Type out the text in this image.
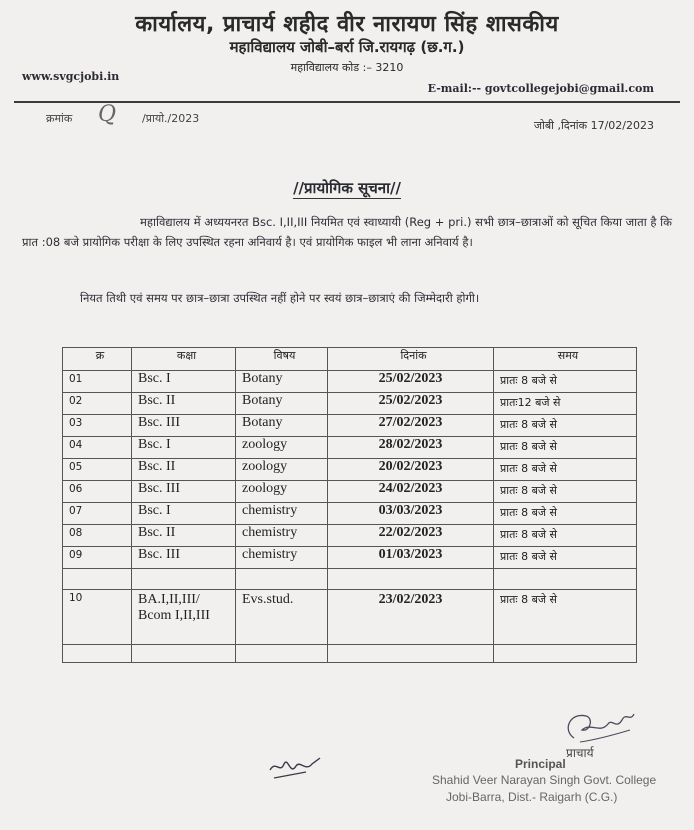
कार्यालय, प्राचार्य शहीद वीर नारायण सिंह शासकीय
महाविद्यालय जोबी–बर्रा जि.रायगढ़ (छ.ग.)
महाविद्यालय कोड :– 3210
www.svgcjobi.in
E-mail:-- govtcollegejobi@gmail.com
क्रमांक Q /प्रायो./2023
जोबी ,दिनांक 17/02/2023
//प्रायोगिक सूचना//
महाविद्यालय में अध्ययनरत Bsc. I,II,III नियमित एवं स्वाध्यायी (Reg + pri.) सभी छात्र–छात्राओं को सूचित किया जाता है कि प्रात :08 बजे प्रायोगिक परीक्षा के लिए उपस्थित रहना अनिवार्य है। एवं प्रायोगिक फाइल भी लाना अनिवार्य है।
नियत तिथी एवं समय पर छात्र–छात्रा उपस्थित नहीं होने पर स्वयं छात्र–छात्राएं की जिम्मेदारी होगी।
क्र	कक्षा	विषय	दिनांक	समय
01	Bsc. I	Botany	25/02/2023	प्रातः 8 बजे से
02	Bsc. II	Botany	25/02/2023	प्रातः12 बजे से
03	Bsc. III	Botany	27/02/2023	प्रातः 8 बजे से
04	Bsc. I	zoology	28/02/2023	प्रातः 8 बजे से
05	Bsc. II	zoology	20/02/2023	प्रातः 8 बजे से
06	Bsc. III	zoology	24/02/2023	प्रातः 8 बजे से
07	Bsc. I	chemistry	03/03/2023	प्रातः 8 बजे से
08	Bsc. II	chemistry	22/02/2023	प्रातः 8 बजे से
09	Bsc. III	chemistry	01/03/2023	प्रातः 8 बजे से

10	BA.I,II,III/ Bcom I,II,III	Evs.stud.	23/02/2023	प्रातः 8 बजे से

प्राचार्य
Principal
Shahid Veer Narayan Singh Govt. College
Jobi-Barra, Dist.- Raigarh (C.G.)
